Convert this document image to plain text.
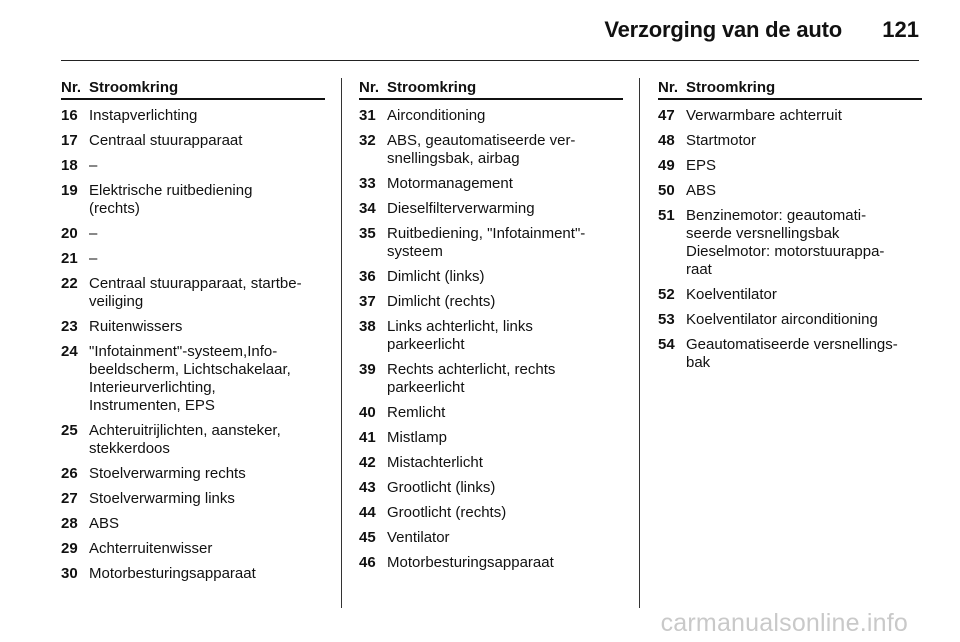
Verzorging van de auto 121
Nr. Stroomkring
16 Instapverlichting
17 Centraal stuurapparaat
18 –
19 Elektrische ruitbediening
(rechts)
20 –
21 –
22 Centraal stuurapparaat, startbe-
veiliging
23 Ruitenwissers
24 "Infotainment"-systeem,Info-
beeldscherm, Lichtschakelaar,
Interieurverlichting,
Instrumenten, EPS
25 Achteruitrijlichten, aansteker,
stekkerdoos
26 Stoelverwarming rechts
27 Stoelverwarming links
28 ABS
29 Achterruitenwisser
30 Motorbesturingsapparaat
Nr. Stroomkring
31 Airconditioning
32 ABS, geautomatiseerde ver-
snellingsbak, airbag
33 Motormanagement
34 Dieselfilterverwarming
35 Ruitbediening, "Infotainment"-
systeem
36 Dimlicht (links)
37 Dimlicht (rechts)
38 Links achterlicht, links
parkeerlicht
39 Rechts achterlicht, rechts
parkeerlicht
40 Remlicht
41 Mistlamp
42 Mistachterlicht
43 Grootlicht (links)
44 Grootlicht (rechts)
45 Ventilator
46 Motorbesturingsapparaat
Nr. Stroomkring
47 Verwarmbare achterruit
48 Startmotor
49 EPS
50 ABS
51 Benzinemotor: geautomati-
seerde versnellingsbak
Dieselmotor: motorstuurappa-
raat
52 Koelventilator
53 Koelventilator airconditioning
54 Geautomatiseerde versnellings-
bak
carmanualsonline.info
